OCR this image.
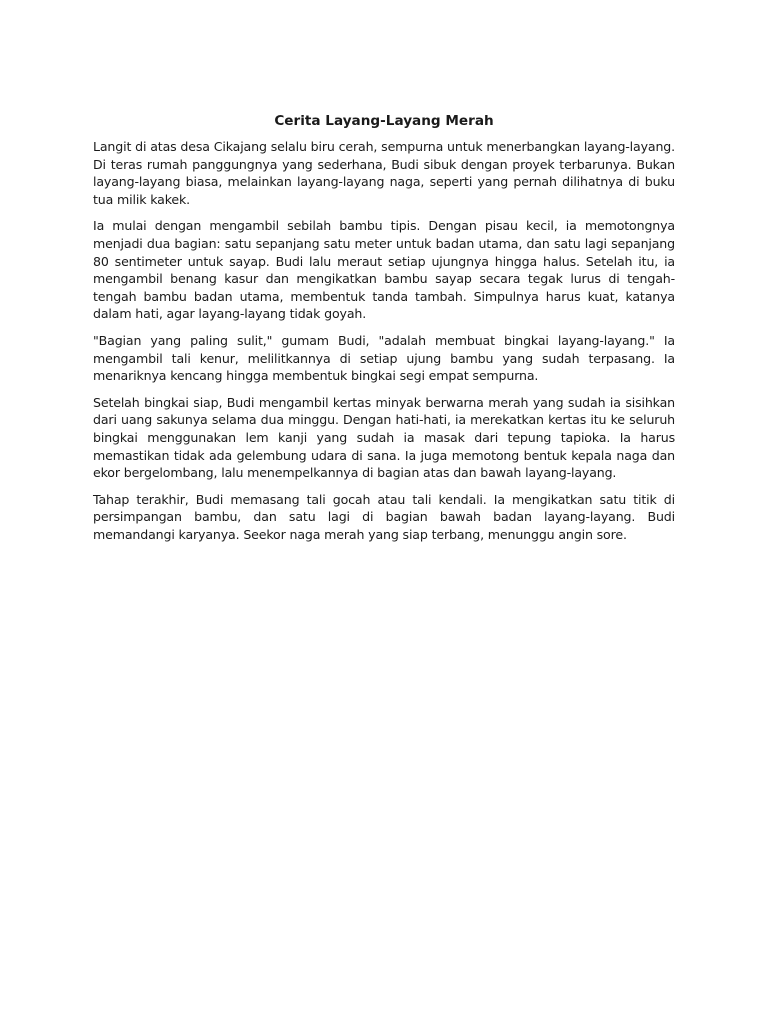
Cerita Layang-Layang Merah

Langit di atas desa Cikajang selalu biru cerah, sempurna untuk menerbangkan layang-layang. Di teras rumah panggungnya yang sederhana, Budi sibuk dengan proyek terbarunya. Bukan layang-layang biasa, melainkan layang-layang naga, seperti yang pernah dilihatnya di buku tua milik kakek.

Ia mulai dengan mengambil sebilah bambu tipis. Dengan pisau kecil, ia memotongnya menjadi dua bagian: satu sepanjang satu meter untuk badan utama, dan satu lagi sepanjang 80 sentimeter untuk sayap. Budi lalu meraut setiap ujungnya hingga halus. Setelah itu, ia mengambil benang kasur dan mengikatkan bambu sayap secara tegak lurus di tengah-tengah bambu badan utama, membentuk tanda tambah. Simpulnya harus kuat, katanya dalam hati, agar layang-layang tidak goyah.

"Bagian yang paling sulit," gumam Budi, "adalah membuat bingkai layang-layang." Ia mengambil tali kenur, melilitkannya di setiap ujung bambu yang sudah terpasang. Ia menariknya kencang hingga membentuk bingkai segi empat sempurna.

Setelah bingkai siap, Budi mengambil kertas minyak berwarna merah yang sudah ia sisihkan dari uang sakunya selama dua minggu. Dengan hati-hati, ia merekatkan kertas itu ke seluruh bingkai menggunakan lem kanji yang sudah ia masak dari tepung tapioka. Ia harus memastikan tidak ada gelembung udara di sana. Ia juga memotong bentuk kepala naga dan ekor bergelombang, lalu menempelkannya di bagian atas dan bawah layang-layang.

Tahap terakhir, Budi memasang tali gocah atau tali kendali. Ia mengikatkan satu titik di persimpangan bambu, dan satu lagi di bagian bawah badan layang-layang. Budi memandangi karyanya. Seekor naga merah yang siap terbang, menunggu angin sore.
